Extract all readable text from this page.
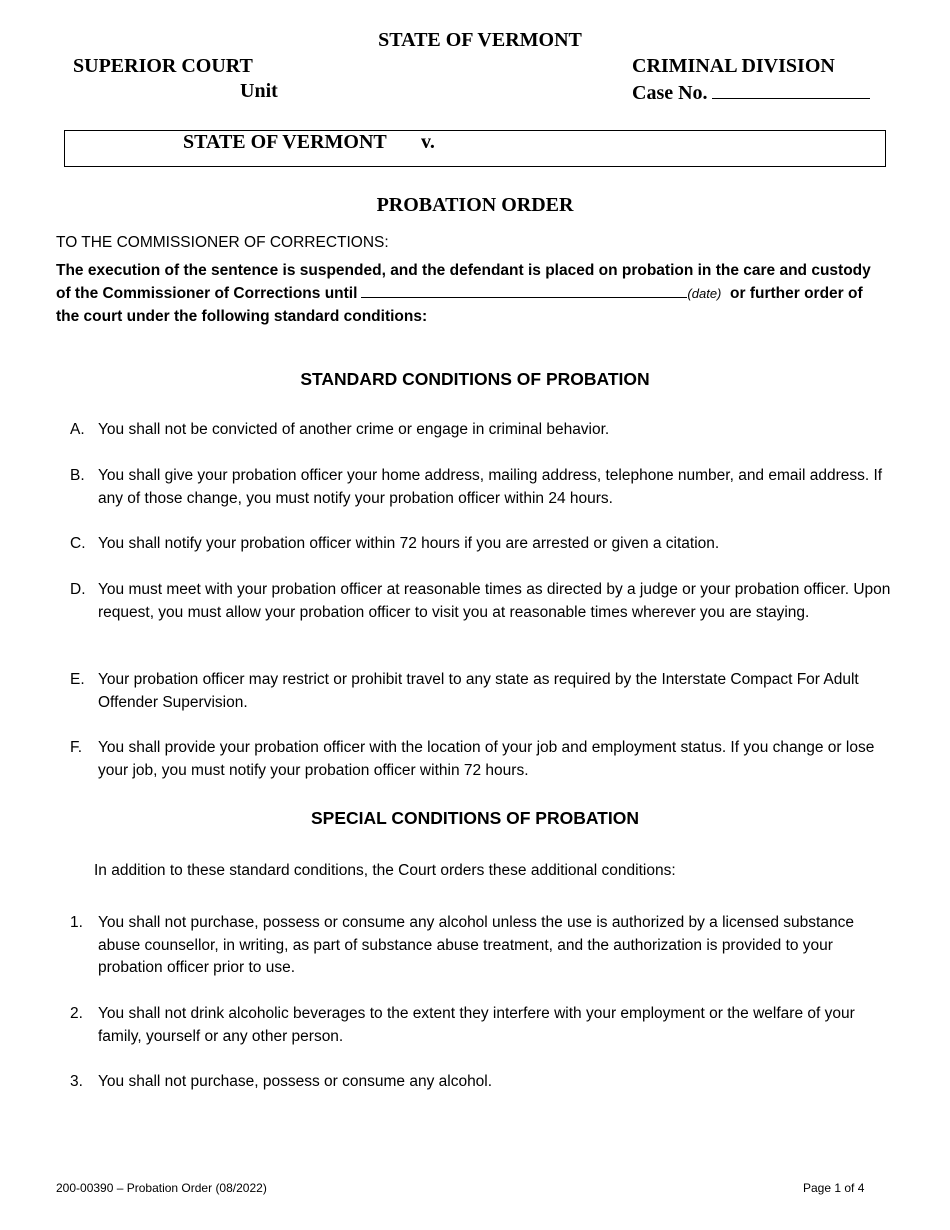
STATE OF VERMONT
SUPERIOR COURT
Unit
CRIMINAL DIVISION
Case No.
STATE OF VERMONT v.
PROBATION ORDER
TO THE COMMISSIONER OF CORRECTIONS:
The execution of the sentence is suspended, and the defendant is placed on probation in the care and custody of the Commissioner of Corrections until	(date) or further order of the court under the following standard conditions:
STANDARD CONDITIONS OF PROBATION
A. You shall not be convicted of another crime or engage in criminal behavior.
B. You shall give your probation officer your home address, mailing address, telephone number, and email address. If any of those change, you must notify your probation officer within 24 hours.
C. You shall notify your probation officer within 72 hours if you are arrested or given a citation.
D. You must meet with your probation officer at reasonable times as directed by a judge or your probation officer. Upon request, you must allow your probation officer to visit you at reasonable times wherever you are staying.
E. Your probation officer may restrict or prohibit travel to any state as required by the Interstate Compact For Adult Offender Supervision.
F. You shall provide your probation officer with the location of your job and employment status. If you change or lose your job, you must notify your probation officer within 72 hours.
SPECIAL CONDITIONS OF PROBATION
In addition to these standard conditions, the Court orders these additional conditions:
1. You shall not purchase, possess or consume any alcohol unless the use is authorized by a licensed substance abuse counsellor, in writing, as part of substance abuse treatment, and the authorization is provided to your probation officer prior to use.
2. You shall not drink alcoholic beverages to the extent they interfere with your employment or the welfare of your family, yourself or any other person.
3. You shall not purchase, possess or consume any alcohol.
200-00390 – Probation Order (08/2022)	Page 1 of 4
